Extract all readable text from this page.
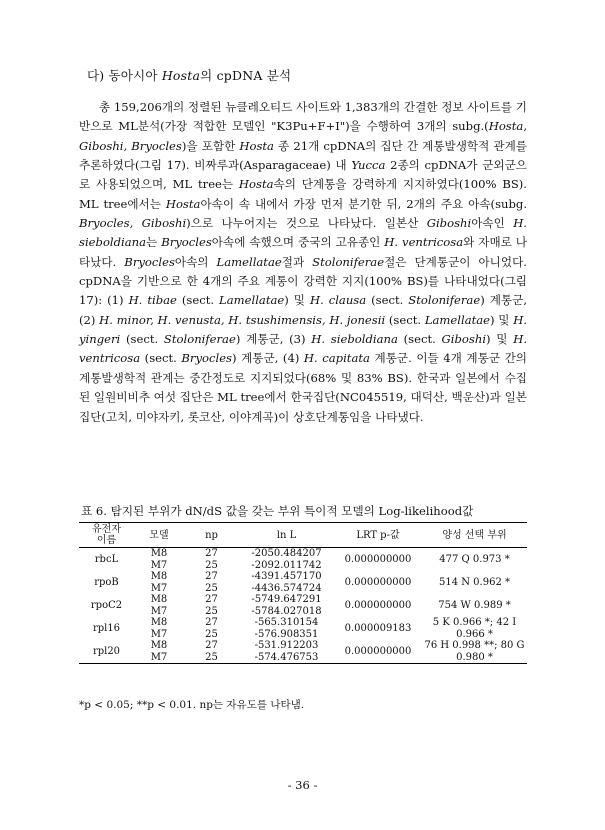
다) 동아시아 Hosta의 cpDNA 분석
총 159,206개의 정렬된 뉴클레오티드 사이트와 1,383개의 간결한 정보 사이트를 기반으로 ML분석(가장 적합한 모델인 "K3Pu+F+I")을 수행하여 3개의 subg.(Hosta, Giboshi, Bryocles)을 포함한 Hosta 종 21개 cpDNA의 집단 간 계통발생학적 관계를 추론하였다(그림 17). 비짜루과(Asparagaceae) 내 Yucca 2종의 cpDNA가 군외군으로 사용되었으며, ML tree는 Hosta속의 단계통을 강력하게 지지하였다(100% BS). ML tree에서는 Hosta아속이 속 내에서 가장 먼저 분기한 뒤, 2개의 주요 아속(subg. Bryocles, Giboshi)으로 나누어지는 것으로 나타났다. 일본산 Giboshi아속인 H. sieboldiana는 Bryocles아속에 속했으며 중국의 고유종인 H. ventricosa와 자매로 나타났다. Bryocles아속의 Lamellatae절과 Stoloniferae절은 단계통군이 아니었다. cpDNA을 기반으로 한 4개의 주요 계통이 강력한 지지(100% BS)를 나타내었다(그림 17): (1) H. tibae (sect. Lamellatae) 및 H. clausa (sect. Stoloniferae) 계통군, (2) H. minor, H. venusta, H. tsushimensis, H. jonesii (sect. Lamellatae) 및 H. yingeri (sect. Stoloniferae) 계통군, (3) H. sieboldiana (sect. Giboshi) 및 H. ventricosa (sect. Bryocles) 계통군, (4) H. capitata 계통군. 이들 4개 계통군 간의 계통발생학적 관계는 중간정도로 지지되었다(68% 및 83% BS). 한국과 일본에서 수집된 일원비비추 여섯 집단은 ML tree에서 한국집단(NC045519, 대덕산, 백운산)과 일본집단(고치, 미야자키, 롯코산, 이야계곡)이 상호단계통임을 나타냈다.
표 6. 탐지된 부위가 dN/dS 값을 갖는 부위 특이적 모델의 Log-likelihood값
유전자
이름	모델	np	ln L	LRT p-값	양성 선택 부위
rbcL	M8	27	-2050.484207	0.000000000	477 Q 0.973 *
	M7	25	-2092.011742		
rpoB	M8	27	-4391.457170	0.000000000	514 N 0.962 *
	M7	25	-4436.574724		
rpoC2	M8	27	-5749.647291	0.000000000	754 W 0.989 *
	M7	25	-5784.027018		
rpl16	M8	27	-565.310154	0.000009183	5 K 0.966 *; 42 I 0.966 *
	M7	25	-576.908351		
rpl20	M8	27	-531.912203	0.000000000	76 H 0.998 **; 80 G 0.980 *
	M7	25	-574.476753		
*p < 0.05; **p < 0.01. np는 자유도를 나타냄.
- 36 -
